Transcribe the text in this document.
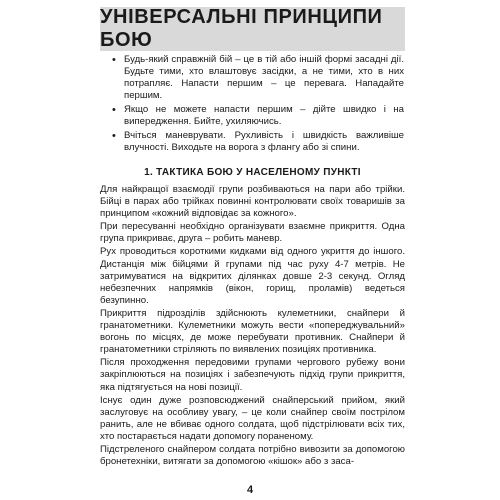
УНІВЕРСАЛЬНІ ПРИНЦИПИ БОЮ
• Будь-який справжній бій – це в тій або іншій формі засадні дії. Будьте тими, хто влаштовує засідки, а не тими, хто в них потрапляє. Напасти першим – це перевага. Нападайте першим.
• Якщо не можете напасти першим – дійте швидко і на випередження. Бийте, ухиляючись.
• Вчіться маневрувати. Рухливість і швидкість важливіше влучності. Виходьте на ворога з флангу або зі спини.
1. ТАКТИКА БОЮ У НАСЕЛЕНОМУ ПУНКТІ

Для найкращої взаємодії групи розбиваються на пари або трійки. Бійці в парах або трійках повинні контролювати своїх товаришів за принципом «кожний відповідає за кожного».

При пересуванні необхідно організувати взаємне прикриття. Одна група прикриває, друга – робить маневр.

Рух проводиться короткими кидками від одного укриття до іншого. Дистанція між бійцями й групами під час руху 4-7 метрів. Не затримуватися на відкритих ділянках довше 2-3 секунд. Огляд небезпечних напрямків (вікон, горищ, проламів) ведеться безупинно.

Прикриття підрозділів здійснюють кулеметники, снайпери й гранатометники. Кулеметники можуть вести «попереджувальний» вогонь по місцях, де може перебувати противник. Снайпери й гранатометники стріляють по виявлених позиціях противника.

Після проходження передовими групами чергового рубежу вони закріплюються на позиціях і забезпечують підхід групи прикриття, яка підтягується на нові позиції.

Існує один дуже розповсюджений снайперський прийом, який заслуговує на особливу увагу, – це коли снайпер своїм пострілом ранить, але не вбиває одного солдата, щоб підстрілювати всіх тих, хто постарається надати допомогу пораненому.

Підстреленого снайпером солдата потрібно вивозити за допомогою бронетехніки, витягати за допомогою «кішок» або з заса-

4
